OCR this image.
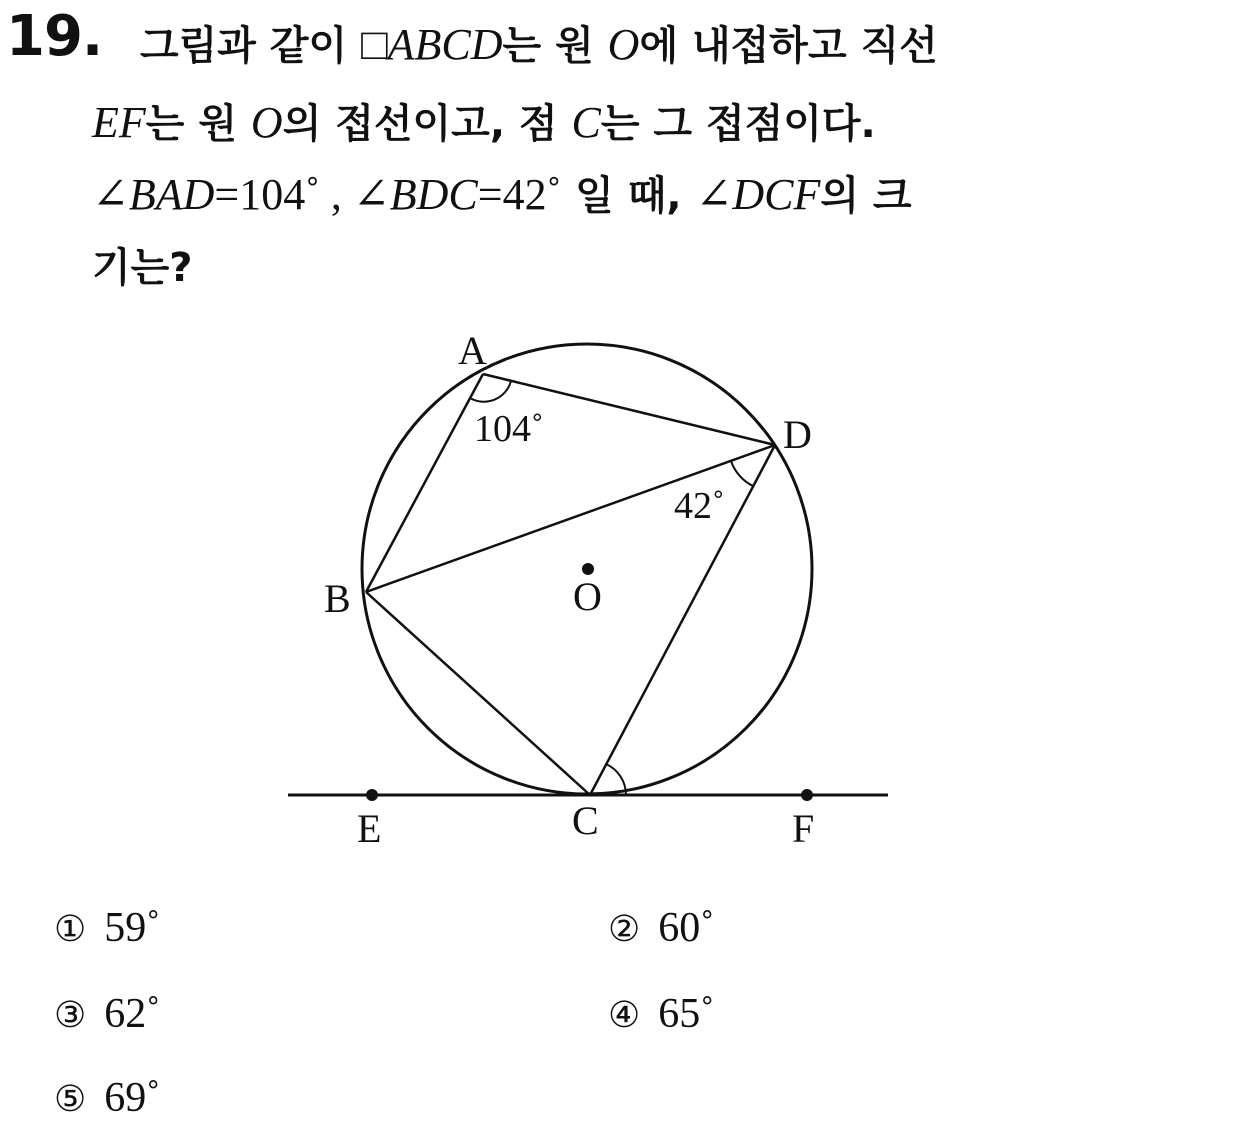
19. 그림과 같이 □ABCD는 원 O에 내접하고 직선
EF는 원 O의 접선이고, 점 C는 그 접점이다.
∠BAD=104˚ , ∠BDC=42˚ 일 때, ∠DCF의 크
기는?
A
D
B	O
C
E	F
104˚
42˚
① 59˚	② 60˚
③ 62˚	④ 65˚
⑤ 69˚
